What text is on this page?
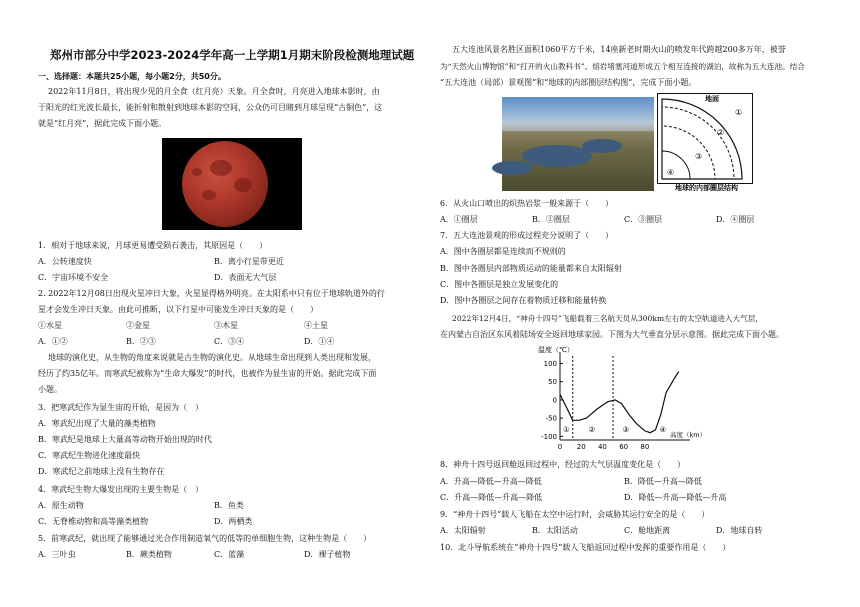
郑州市部分中学2023-2024学年高一上学期1月期末阶段检测地理试题
一、选择题：本题共25小题，每小题2分，共50分。
2022年11月8日，将出现少见的月全食（红月亮）天象。月全食时，月亮进入地球本影时，由
于阳光的红光波长最长，能折射和散射到地球本影的空间，公众仍可目睹到月球呈现“古铜色”，这
就是“红月亮”，据此完成下面小题。
1．相对于地球来说，月球更易遭受陨石袭击，其原因是（　　）
A．公转速度快	B．离小行星带更近
C．宇宙环境不安全	D．表面无大气层
2. 2022年12月08日出现火星冲日大象，火星显得格外明亮。在太阳系中只有位于地球轨道外的行
星才会发生冲日天象。由此可推断，以下行星中可能发生冲日天象的是（　　）
①水星	②金星	③木星	④土星
A．①②	B．②③	C．③④	D．①④
地球的演化史，从生物的角度来说就是古生物的演化史。从地球生命出现到人类出现和发展，
经历了约35亿年。而寒武纪被称为“生命大爆发”的时代，也被作为显生宙的开始。据此完成下面
小题。
3．把寒武纪作为显生宙的开始，是因为（　）
A．寒武纪出现了大量的藻类植物
B．寒武纪是地球上大量高等动物开始出现的时代
C．寒武纪生物进化速度最快
D．寒武纪之前地球上没有生物存在
4．寒武纪生物大爆发出现的主要生物是（　）
A．原生动物	B．鱼类
C．无脊椎动物和高等藻类植物	D．两栖类
5．前寒武纪，就出现了能够通过光合作用制造氧气的低等的单细胞生物，这种生物是（　　）
A．三叶虫	B．蕨类植物	C．蓝藻	D．裸子植物
五大连池风景名胜区面积1060平方千米，14座新老时期火山的喷发年代跨越200多万年，被誉
为“天然火山博物馆”和“打开的火山教科书”。熔岩堵塞河道形成五个相互连接的湖泊，故称为五大连池。结合
“五大连池（局部）景观图”和“地球的内部圈层结构图”，完成下面小题。
地面
①
②
③
④
地球的内部圈层结构
6．从火山口喷出的炽热岩浆一般来源于（　　）
A．①圈层	B．②圈层	C．③圈层	D．④圈层
7．五大连池景观的形成过程充分说明了（　　）
A．图中各圈层都是连续而不规则的
B．图中各圈层内部物质运动的能量都来自太阳辐射
C．图中各圈层是独立发展变化的
D．图中各圈层之间存在着物质迁移和能量转换
2022年12月4日，“神舟十四号”飞船载着三名航天员从300km左右的太空轨道进入大气层，
在内蒙古自治区东风着陆场安全返回地球家园。下图为大气垂直分层示意图。据此完成下面小题。
温度（℃）
高度（km）
100
50
0
-50
-100
0 20 40 60 80
① ②	③	④
8．神舟十四号返回舱返回过程中，经过的大气层温度变化是（　　）
A．升高—降低—升高—降低	B．降低—升高—降低
C．升高—降低—升高—降低	D．降低—升高—降低—升高
9．“神舟十四号”载人飞船在太空中运行时，会威胁其运行安全的是（　　）
A．太阳辐射	B．太阳活动	C．舱地距离	D．地球自转
10．北斗导航系统在“神舟十四号”载人飞船返回过程中发挥的重要作用是（　　）
